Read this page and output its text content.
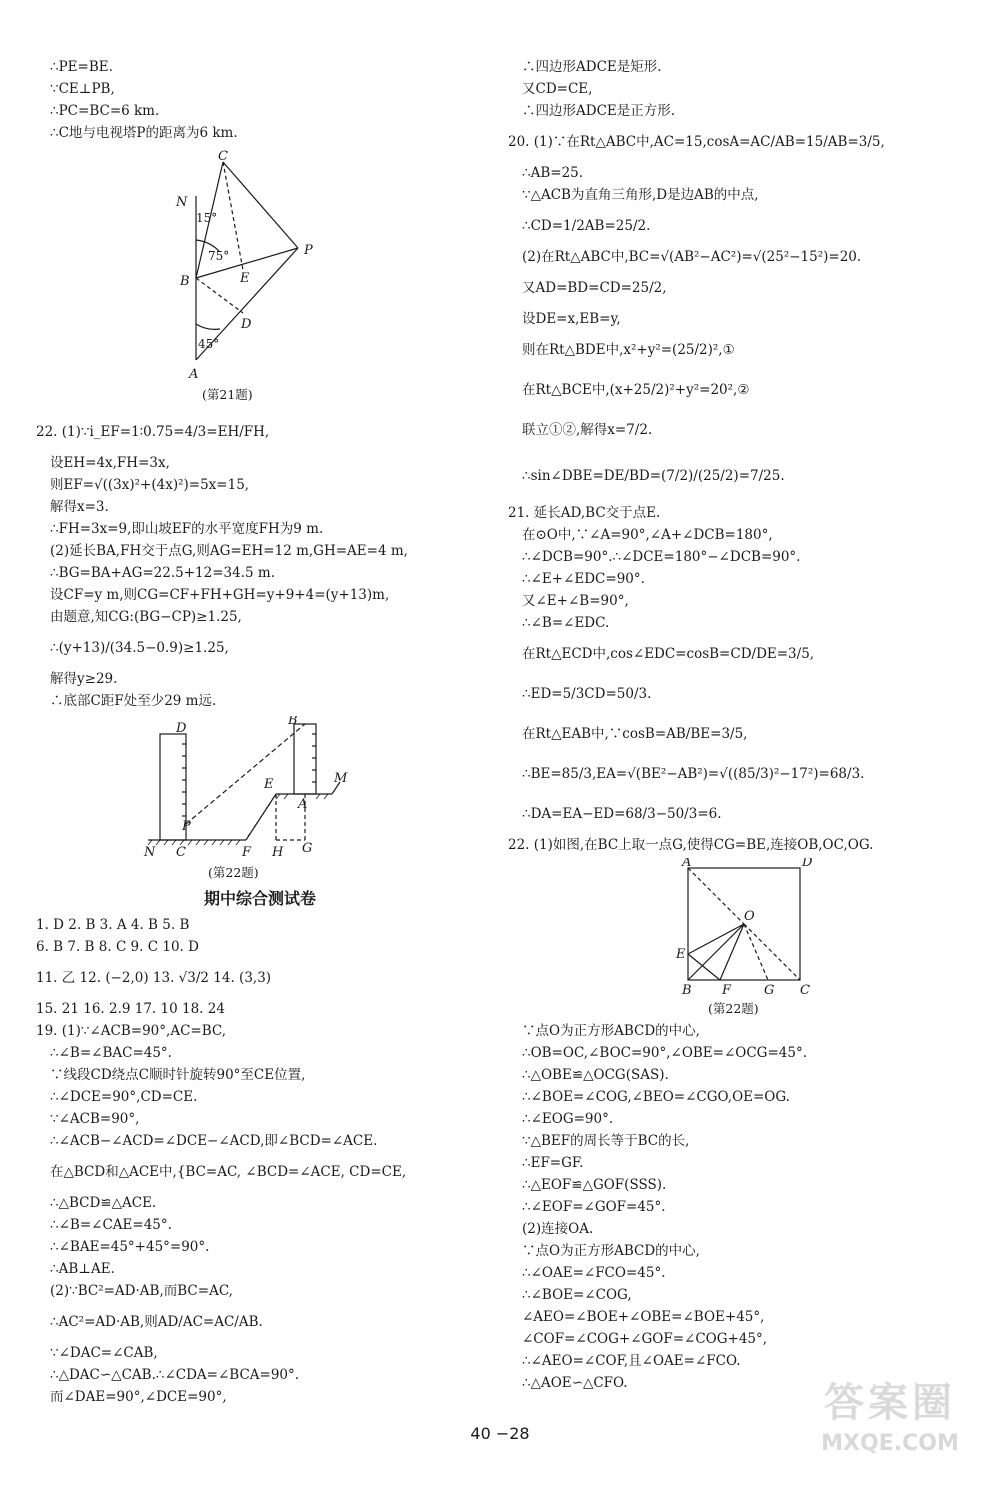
∴PE=BE.
∵CE⊥PB,
∴PC=BC=6 km.
∴C地与电视塔P的距离为6 km.
C
N
15°
75°
B	E
P
D
45°
A
(第21题)
22. (1)∵i_EF=1∶0.75=4/3=EH/FH,
设EH=4x,FH=3x,
则EF=√((3x)²+(4x)²)=5x=15,
解得x=3.
∴FH=3x=9,即山坡EF的水平宽度FH为9 m.
(2)延长BA,FH交于点G,则AG=EH=12 m,GH=AE=4 m,
∴BG=BA+AG=22.5+12=34.5 m.
设CF=y m,则CG=CF+FH+GH=y+9+4=(y+13)m,
由题意,知CG:(BG−CP)≥1.25,
∴(y+13)/(34.5−0.9)≥1.25,
解得y≥29.
∴底部C距F处至少29 m远.
D
B
M
E
A
P
N C	F H G
(第22题)
期中综合测试卷
1. D 2. B 3. A 4. B 5. B
6. B 7. B 8. C 9. C 10. D
11. 乙 12. (−2,0) 13. √3/2 14. (3,3)
15. 21 16. 2.9 17. 10 18. 24
19. (1)∵∠ACB=90°,AC=BC,
∴∠B=∠BAC=45°.
∵线段CD绕点C顺时针旋转90°至CE位置,
∴∠DCE=90°,CD=CE.
∵∠ACB=90°,
∴∠ACB−∠ACD=∠DCE−∠ACD,即∠BCD=∠ACE.
在△BCD和△ACE中,{BC=AC, ∠BCD=∠ACE, CD=CE,
∴△BCD≌△ACE.
∴∠B=∠CAE=45°.
∴∠BAE=45°+45°=90°.
∴AB⊥AE.
(2)∵BC²=AD·AB,而BC=AC,
∴AC²=AD·AB,则AD/AC=AC/AB.
∵∠DAC=∠CAB,
∴△DAC∽△CAB.∴∠CDA=∠BCA=90°.
而∠DAE=90°,∠DCE=90°,
∴四边形ADCE是矩形.
又CD=CE,
∴四边形ADCE是正方形.
20. (1)∵在Rt△ABC中,AC=15,cosA=AC/AB=15/AB=3/5,
∴AB=25.
∵△ACB为直角三角形,D是边AB的中点,
∴CD=1/2AB=25/2.
(2)在Rt△ABC中,BC=√(AB²−AC²)=√(25²−15²)=20.
又AD=BD=CD=25/2,
设DE=x,EB=y,
则在Rt△BDE中,x²+y²=(25/2)²,①
在Rt△BCE中,(x+25/2)²+y²=20²,②
联立①②,解得x=7/2.
∴sin∠DBE=DE/BD=(7/2)/(25/2)=7/25.
21. 延长AD,BC交于点E.
在⊙O中,∵∠A=90°,∠A+∠DCB=180°,
∴∠DCB=90°.∴∠DCE=180°−∠DCB=90°.
∴∠E+∠EDC=90°.
又∠E+∠B=90°,
∴∠B=∠EDC.
在Rt△ECD中,cos∠EDC=cosB=CD/DE=3/5,
∴ED=5/3CD=50/3.
在Rt△EAB中,∵cosB=AB/BE=3/5,
∴BE=85/3,EA=√(BE²−AB²)=√((85/3)²−17²)=68/3.
∴DA=EA−ED=68/3−50/3=6.
22. (1)如图,在BC上取一点G,使得CG=BE,连接OB,OC,OG.
A	D
O
E
B F	G C
(第22题)
∵点O为正方形ABCD的中心,
∴OB=OC,∠BOC=90°,∠OBE=∠OCG=45°.
∴△OBE≌△OCG(SAS).
∴∠BOE=∠COG,∠BEO=∠CGO,OE=OG.
∴∠EOG=90°.
∵△BEF的周长等于BC的长,
∴EF=GF.
∴△EOF≌△GOF(SSS).
∴∠EOF=∠GOF=45°.
(2)连接OA.
∵点O为正方形ABCD的中心,
∴∠OAE=∠FCO=45°.
∴∠BOE=∠COG,
∠AEO=∠BOE+∠OBE=∠BOE+45°,
∠COF=∠COG+∠GOF=∠COG+45°,
∴∠AEO=∠COF,且∠OAE=∠FCO.
∴△AOE∽△CFO.
40 −28
答案圈
MXQE.COM
